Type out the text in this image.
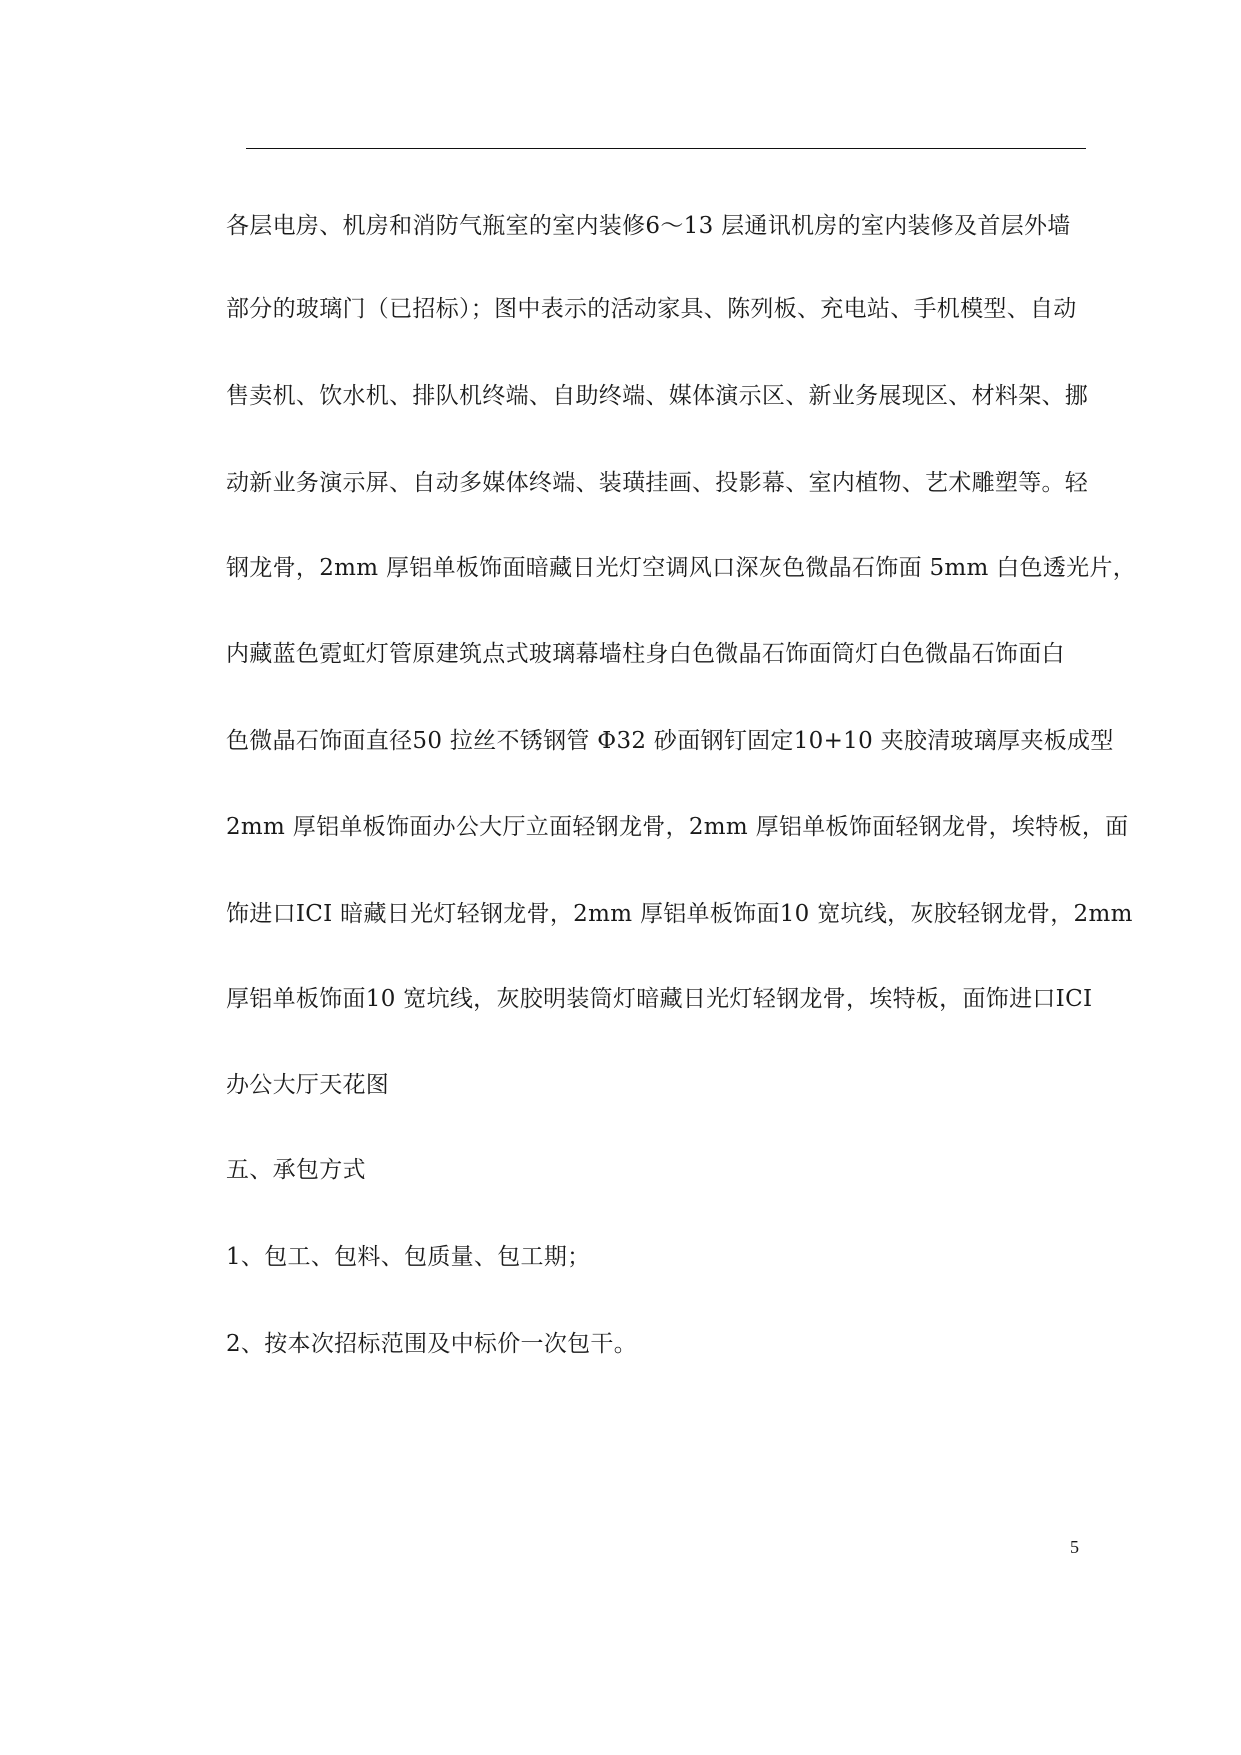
各层电房、机房和消防气瓶室的室内装修6～13 层通讯机房的室内装修及首层外墙
部分的玻璃门（已招标）；图中表示的活动家具、陈列板、充电站、手机模型、自动
售卖机、饮水机、排队机终端、自助终端、媒体演示区、新业务展现区、材料架、挪
动新业务演示屏、自动多媒体终端、装璜挂画、投影幕、室内植物、艺术雕塑等。轻
钢龙骨，2mm 厚铝单板饰面暗藏日光灯空调风口深灰色微晶石饰面 5mm 白色透光片，
内藏蓝色霓虹灯管原建筑点式玻璃幕墙柱身白色微晶石饰面筒灯白色微晶石饰面白
色微晶石饰面直径50 拉丝不锈钢管 Φ32 砂面钢钉固定10+10 夹胶清玻璃厚夹板成型
2mm 厚铝单板饰面办公大厅立面轻钢龙骨，2mm 厚铝单板饰面轻钢龙骨，埃特板，面
饰进口ICI 暗藏日光灯轻钢龙骨，2mm 厚铝单板饰面10 宽坑线，灰胶轻钢龙骨，2mm
厚铝单板饰面10 宽坑线，灰胶明装筒灯暗藏日光灯轻钢龙骨，埃特板，面饰进口ICI
办公大厅天花图
五、承包方式
1、包工、包料、包质量、包工期；
2、按本次招标范围及中标价一次包干。
5
